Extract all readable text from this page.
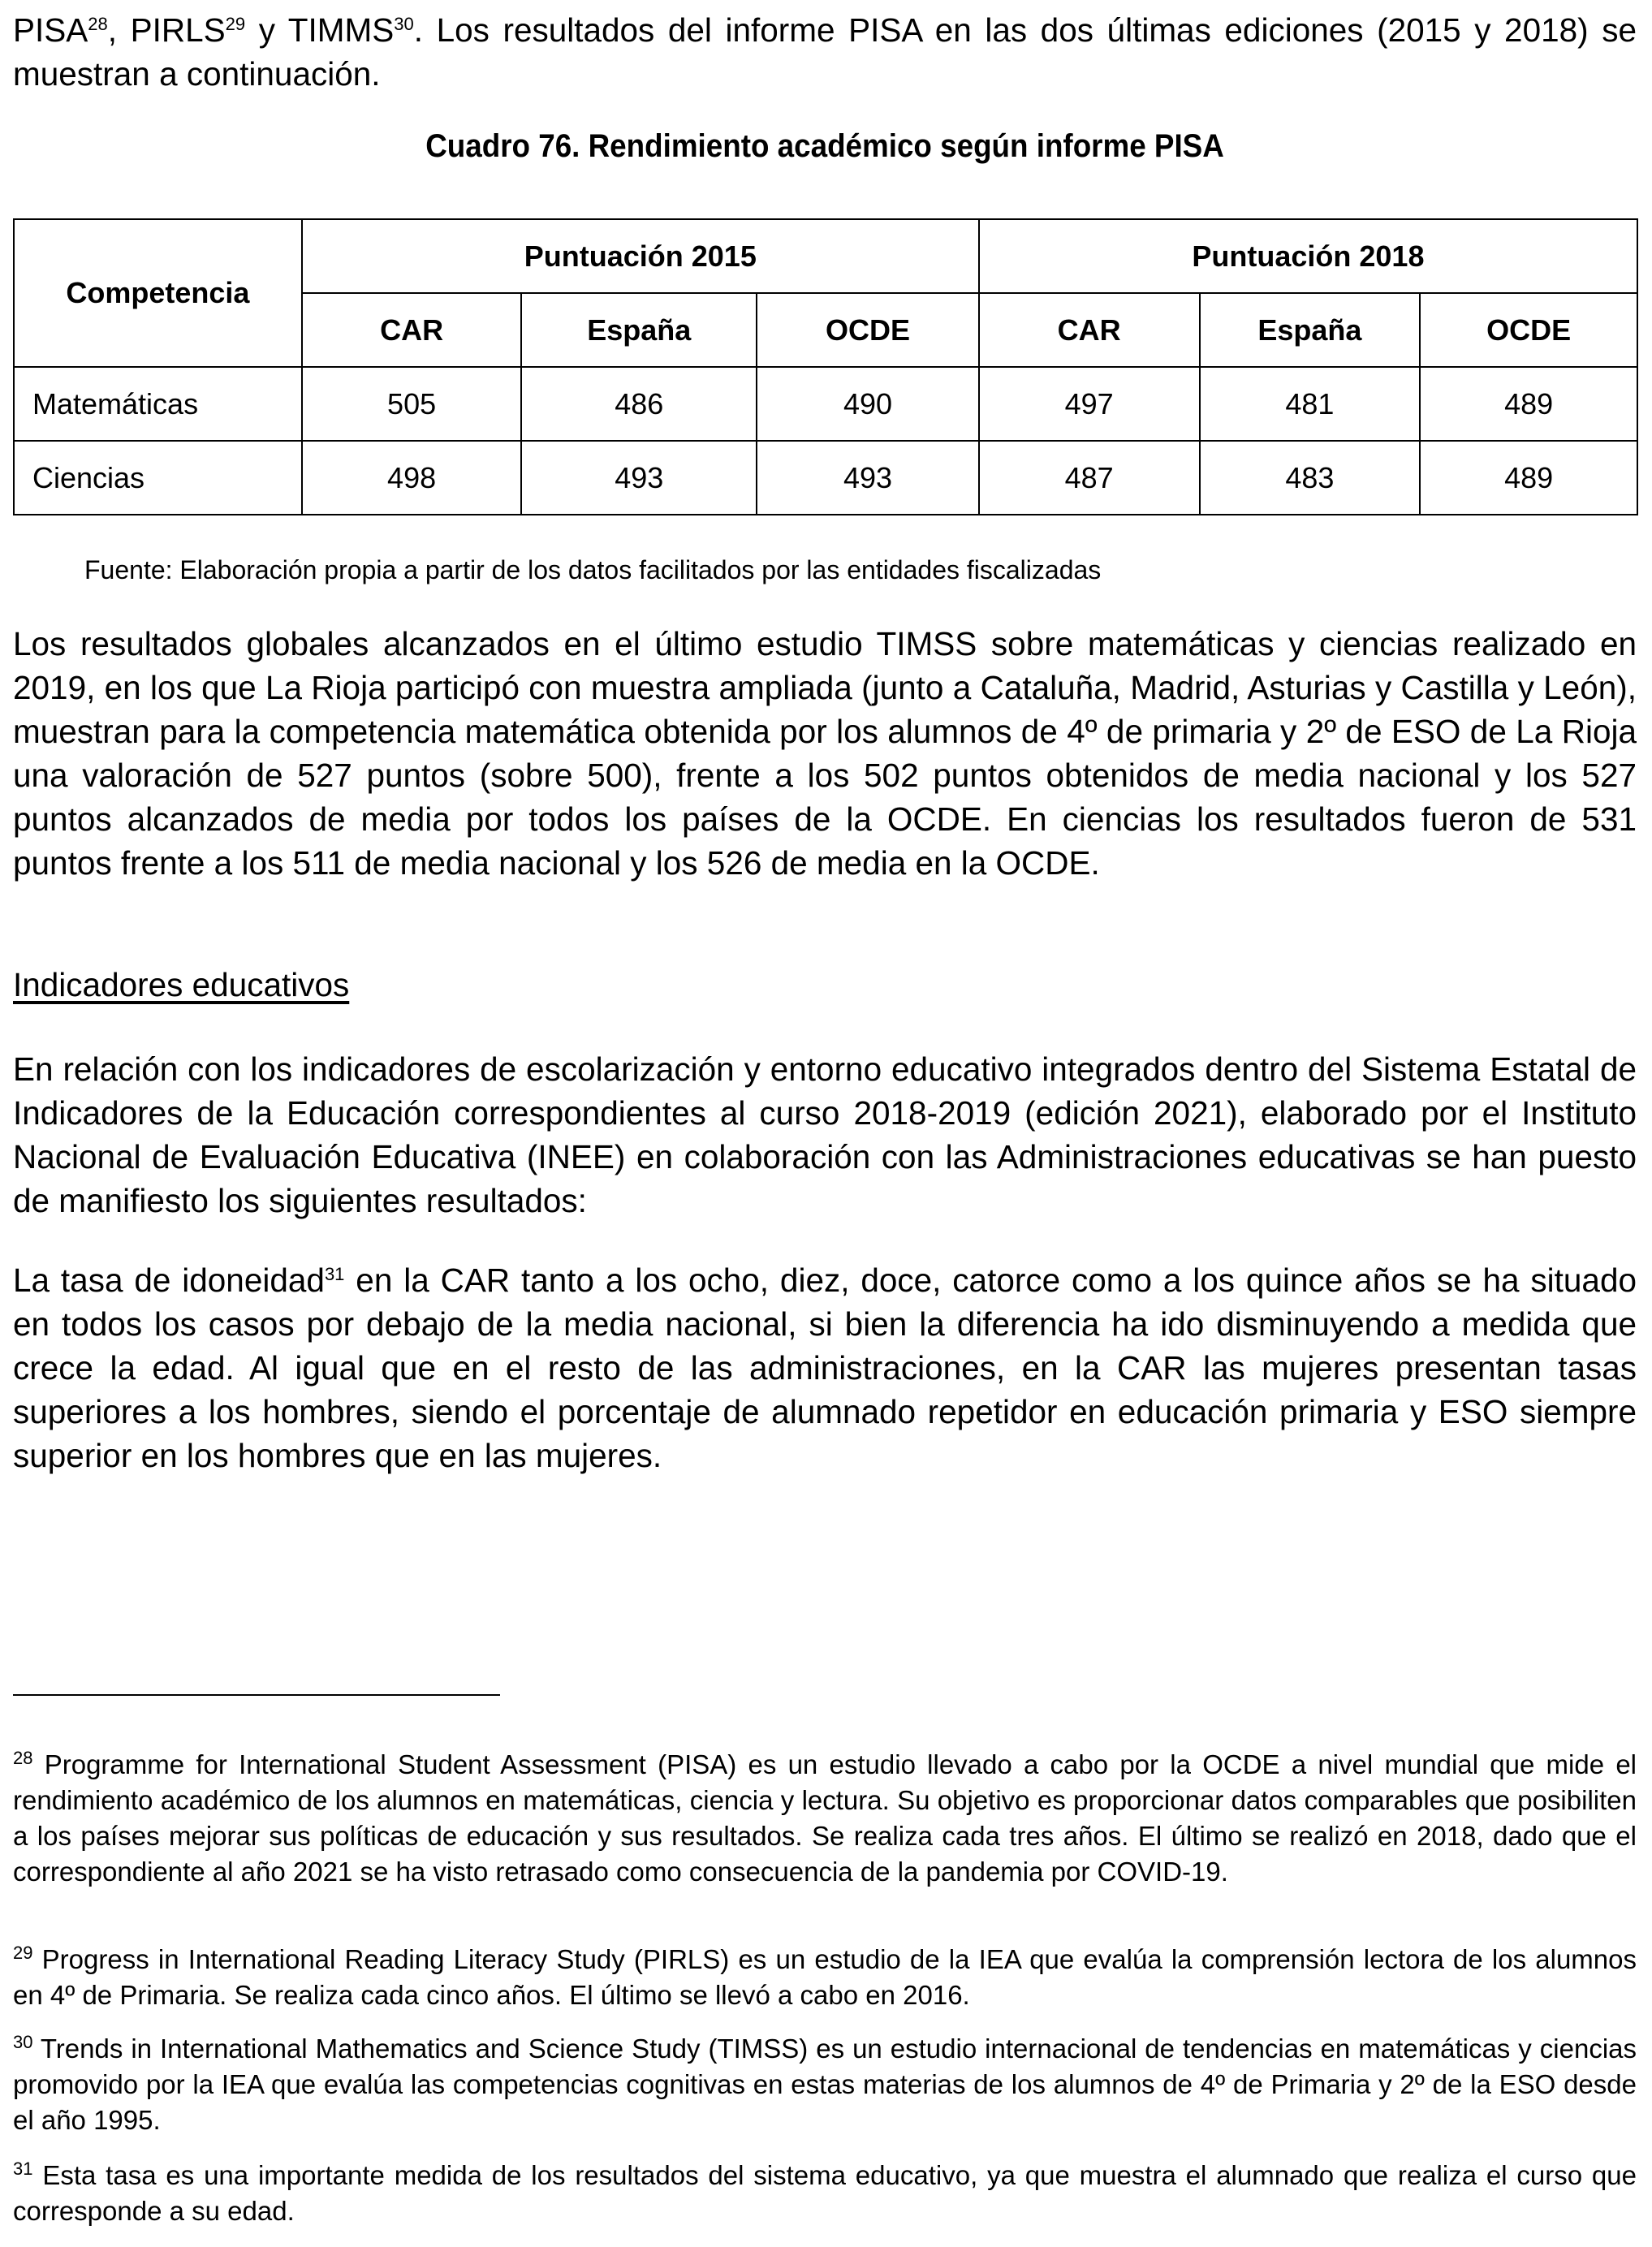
PISA$^{28}$, PIRLS$^{29}$ y TIMMS$^{30}$. Los resultados del informe PISA en las dos últimas ediciones (2015 y 2018) se muestran a continuación.

Cuadro 76. Rendimiento académico según informe PISA
Competencia	Puntuación 2015			Puntuación 2018		
	CAR	España	OCDE	CAR	España	OCDE
Matemáticas	505	486	490	497	481	489
Ciencias	498	493	493	487	483	489
Fuente: Elaboración propia a partir de los datos facilitados por las entidades fiscalizadas

Los resultados globales alcanzados en el último estudio TIMSS sobre matemáticas y ciencias realizado en 2019, en los que La Rioja participó con muestra ampliada (junto a Cataluña, Madrid, Asturias y Castilla y León), muestran para la competencia matemática obtenida por los alumnos de 4º de primaria y 2º de ESO de La Rioja una valoración de 527 puntos (sobre 500), frente a los 502 puntos obtenidos de media nacional y los 527 puntos alcanzados de media por todos los países de la OCDE. En ciencias los resultados fueron de 531 puntos frente a los 511 de media nacional y los 526 de media en la OCDE.

Indicadores educativos

En relación con los indicadores de escolarización y entorno educativo integrados dentro del Sistema Estatal de Indicadores de la Educación correspondientes al curso 2018-2019 (edición 2021), elaborado por el Instituto Nacional de Evaluación Educativa (INEE) en colaboración con las Administraciones educativas se han puesto de manifiesto los siguientes resultados:

La tasa de idoneidad$^{31}$ en la CAR tanto a los ocho, diez, doce, catorce como a los quince años se ha situado en todos los casos por debajo de la media nacional, si bien la diferencia ha ido disminuyendo a medida que crece la edad. Al igual que en el resto de las administraciones, en la CAR las mujeres presentan tasas superiores a los hombres, siendo el porcentaje de alumnado repetidor en educación primaria y ESO siempre superior en los hombres que en las mujeres.

$^{28}$ Programme for International Student Assessment (PISA) es un estudio llevado a cabo por la OCDE a nivel mundial que mide el rendimiento académico de los alumnos en matemáticas, ciencia y lectura. Su objetivo es proporcionar datos comparables que posibiliten a los países mejorar sus políticas de educación y sus resultados. Se realiza cada tres años. El último se realizó en 2018, dado que el correspondiente al año 2021 se ha visto retrasado como consecuencia de la pandemia por COVID-19.

$^{29}$ Progress in International Reading Literacy Study (PIRLS) es un estudio de la IEA que evalúa la comprensión lectora de los alumnos en 4º de Primaria. Se realiza cada cinco años. El último se llevó a cabo en 2016.

$^{30}$ Trends in International Mathematics and Science Study (TIMSS) es un estudio internacional de tendencias en matemáticas y ciencias promovido por la IEA que evalúa las competencias cognitivas en estas materias de los alumnos de 4º de Primaria y 2º de la ESO desde el año 1995.

$^{31}$ Esta tasa es una importante medida de los resultados del sistema educativo, ya que muestra el alumnado que realiza el curso que corresponde a su edad.
